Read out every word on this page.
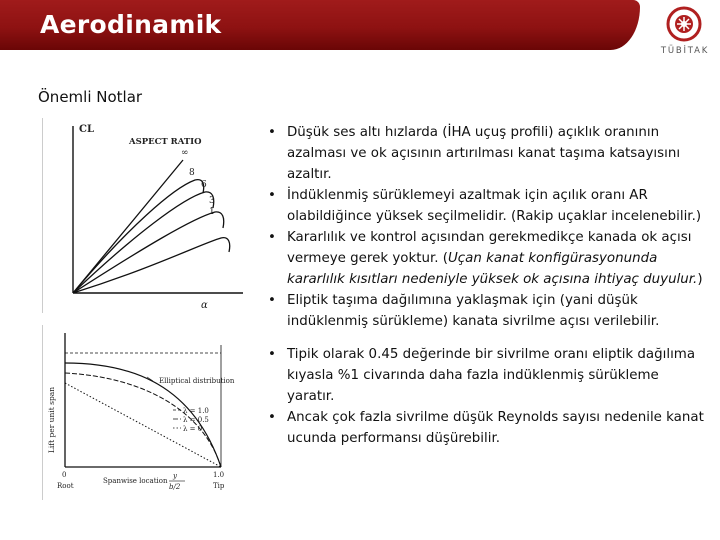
Aerodinamik
TÜBİTAK
Önemli Notlar
CL
α
ASPECT RATIO
∞
8
6
3
1
Lift per unit span
Elliptical distribution
λ = 1.0
λ = 0.5
λ = 0
0
Root
Spanwise location
y
b/2
1.0
Tip
• Düşük ses altı hızlarda (İHA uçuş profili) açıklık oranının azalması ve ok açısının artırılması kanat taşıma katsayısını azaltır.
• İndüklenmiş sürüklemeyi azaltmak için açılık oranı AR olabildiğince yüksek seçilmelidir. (Rakip uçaklar incelenebilir.)
• Kararlılık ve kontrol açısından gerekmedikçe kanada ok açısı vermeye gerek yoktur. (Uçan kanat konfigürasyonunda kararlılık kısıtları nedeniyle yüksek ok açısına ihtiyaç duyulur.)
• Eliptik taşıma dağılımına yaklaşmak için (yani düşük indüklenmiş sürükleme) kanata sivrilme açısı verilebilir.
• Tipik olarak 0.45 değerinde bir sivrilme oranı eliptik dağılıma kıyasla %1 civarında daha fazla indüklenmiş sürükleme yaratır.
• Ancak çok fazla sivrilme düşük Reynolds sayısı nedenile kanat ucunda performansı düşürebilir.
